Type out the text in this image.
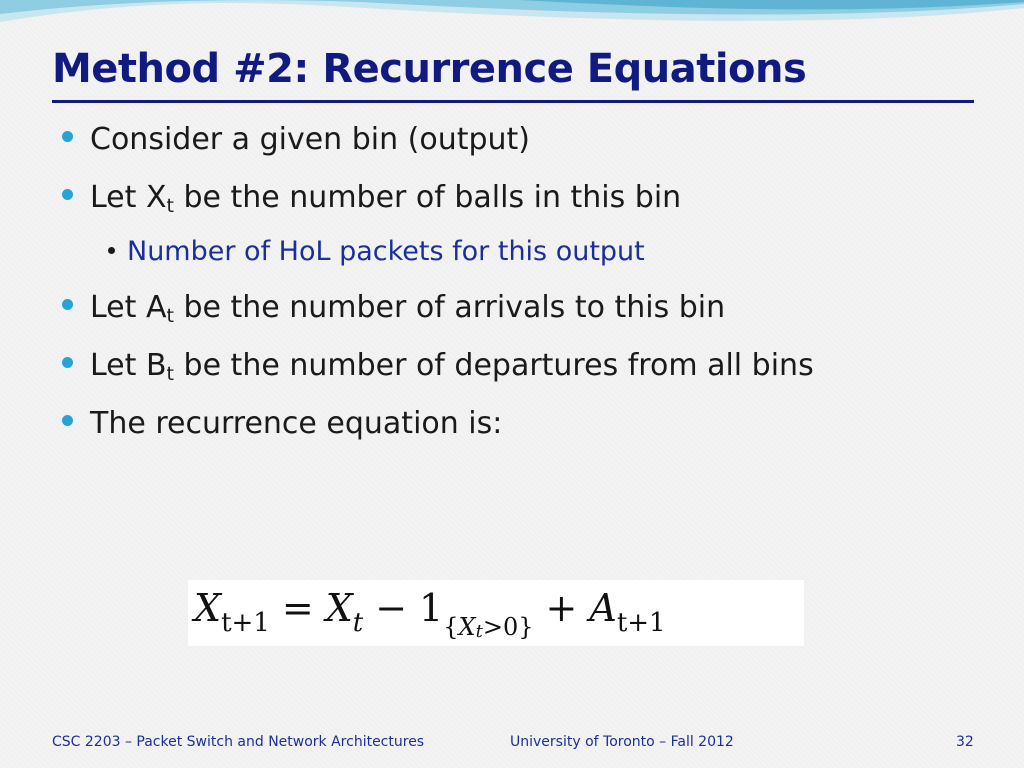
Method #2: Recurrence Equations
Consider a given bin (output)
Let $X_t$ be the number of balls in this bin
Number of HoL packets for this output
Let $A_t$ be the number of arrivals to this bin
Let $B_t$ be the number of departures from all bins
The recurrence equation is:
$X_{t+1} = X_t - 1_{\{Xt>0\}} + A_{t+1}$
CSC 2203 – Packet Switch and Network Architectures	University of Toronto – Fall 2012	32
